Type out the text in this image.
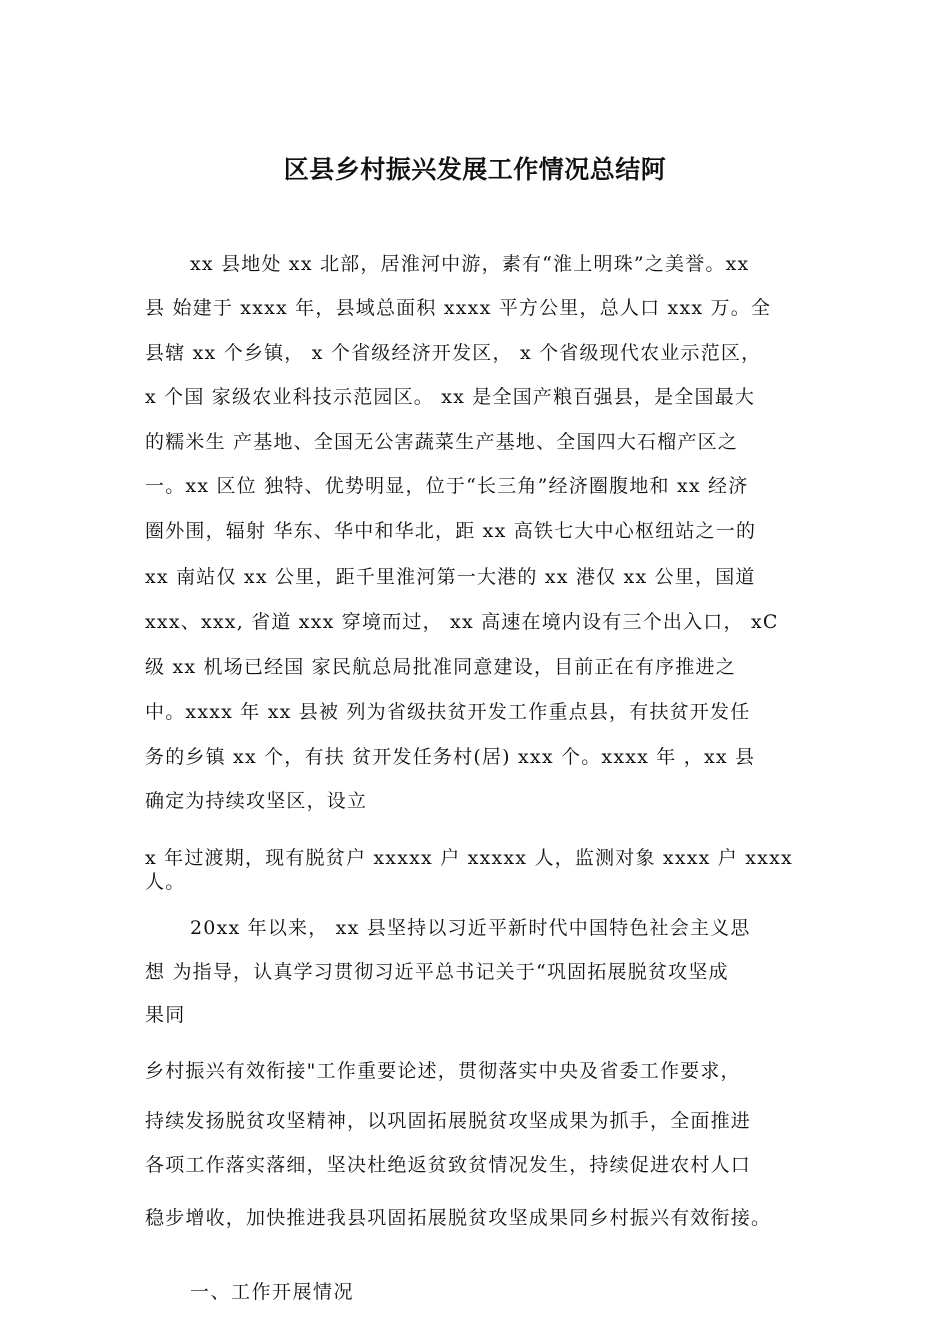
区县乡村振兴发展工作情况总结阿
xx 县地处 xx 北部，居淮河中游，素有“淮上明珠”之美誉。xx
县 始建于 xxxx 年，县域总面积 xxxx 平方公里，总人口 xxx 万。全
县辖 xx 个乡镇， x 个省级经济开发区， x 个省级现代农业示范区，
x 个国 家级农业科技示范园区。 xx 是全国产粮百强县，是全国最大
的糯米生 产基地、全国无公害蔬菜生产基地、全国四大石榴产区之
一。xx 区位 独特、优势明显，位于“长三角”经济圈腹地和 xx 经济
圈外围，辐射 华东、华中和华北，距 xx 高铁七大中心枢纽站之一的
xx 南站仅 xx 公里，距千里淮河第一大港的 xx 港仅 xx 公里，国道
xxx、xxx, 省道 xxx 穿境而过， xx 高速在境内设有三个出入口， xC
级 xx 机场已经国 家民航总局批准同意建设，目前正在有序推进之
中。xxxx 年 xx 县被 列为省级扶贫开发工作重点县，有扶贫开发任
务的乡镇 xx 个，有扶 贫开发任务村(居) xxx 个。xxxx 年 ，xx 县
确定为持续攻坚区，设立
x 年过渡期，现有脱贫户 xxxxx 户 xxxxx 人，监测对象 xxxx 户 xxxx
人。
20xx 年以来， xx 县坚持以习近平新时代中国特色社会主义思
想 为指导，认真学习贯彻习近平总书记关于“巩固拓展脱贫攻坚成
果同
乡村振兴有效衔接"工作重要论述，贯彻落实中央及省委工作要求，
持续发扬脱贫攻坚精神，以巩固拓展脱贫攻坚成果为抓手，全面推进
各项工作落实落细，坚决杜绝返贫致贫情况发生，持续促进农村人口
稳步增收，加快推进我县巩固拓展脱贫攻坚成果同乡村振兴有效衔接。
一、工作开展情况
